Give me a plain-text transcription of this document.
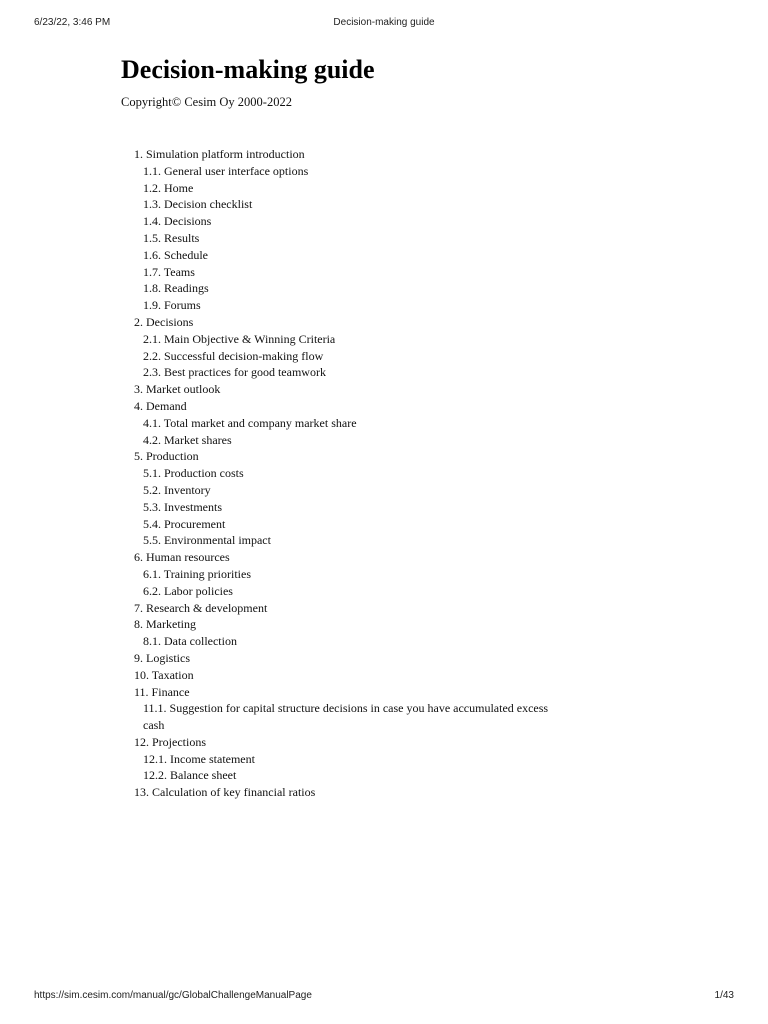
6/23/22, 3:46 PM	Decision-making guide
Decision-making guide
Copyright© Cesim Oy 2000-2022
1. Simulation platform introduction
1.1. General user interface options
1.2. Home
1.3. Decision checklist
1.4. Decisions
1.5. Results
1.6. Schedule
1.7. Teams
1.8. Readings
1.9. Forums
2. Decisions
2.1. Main Objective & Winning Criteria
2.2. Successful decision-making flow
2.3. Best practices for good teamwork
3. Market outlook
4. Demand
4.1. Total market and company market share
4.2. Market shares
5. Production
5.1. Production costs
5.2. Inventory
5.3. Investments
5.4. Procurement
5.5. Environmental impact
6. Human resources
6.1. Training priorities
6.2. Labor policies
7. Research & development
8. Marketing
8.1. Data collection
9. Logistics
10. Taxation
11. Finance
11.1. Suggestion for capital structure decisions in case you have accumulated excess cash
12. Projections
12.1. Income statement
12.2. Balance sheet
13. Calculation of key financial ratios
https://sim.cesim.com/manual/gc/GlobalChallengeManualPage	1/43
